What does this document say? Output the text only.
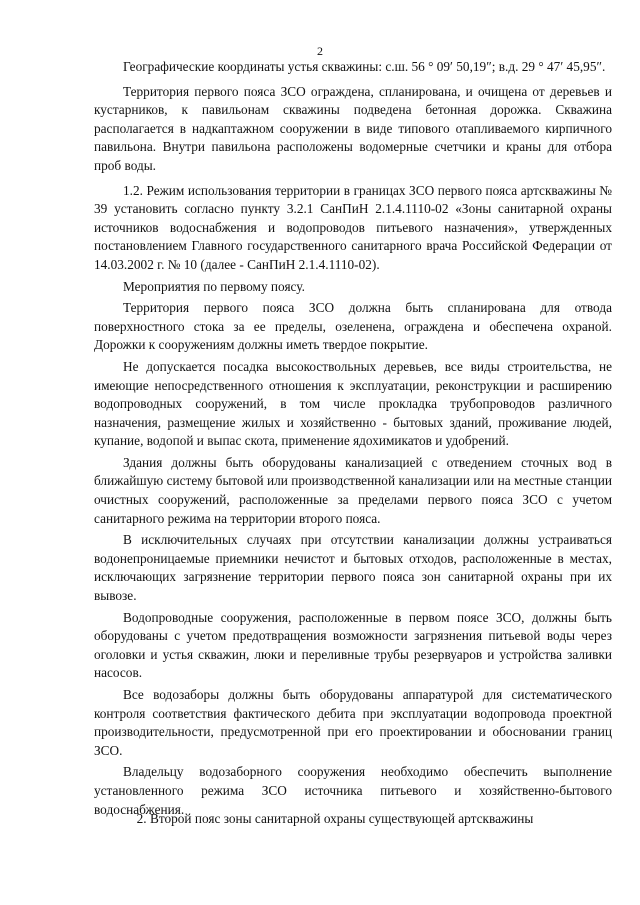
2

Географические координаты устья скважины: с.ш. 56 ° 09′ 50,19″; в.д. 29 ° 47′ 45,95″.

Территория первого пояса ЗСО ограждена, спланирована, и очищена от деревьев и кустарников, к павильонам скважины подведена бетонная дорожка. Скважина располагается в надкаптажном сооружении в виде типового отапливаемого кирпичного павильона. Внутри павильона расположены водомерные счетчики и краны для отбора проб воды.

1.2. Режим использования территории в границах ЗСО первого пояса артскважины № 39 установить согласно пункту 3.2.1 СанПиН 2.1.4.1110-02 «Зоны санитарной охраны источников водоснабжения и водопроводов питьевого назначения», утвержденных постановлением Главного государственного санитарного врача Российской Федерации от 14.03.2002 г. № 10 (далее - СанПиН 2.1.4.1110-02).

Мероприятия по первому поясу.

Территория первого пояса ЗСО должна быть спланирована для отвода поверхностного стока за ее пределы, озеленена, ограждена и обеспечена охраной. Дорожки к сооружениям должны иметь твердое покрытие.

Не допускается посадка высокоствольных деревьев, все виды строительства, не имеющие непосредственного отношения к эксплуатации, реконструкции и расширению водопроводных сооружений, в том числе прокладка трубопроводов различного назначения, размещение жилых и хозяйственно - бытовых зданий, проживание людей, купание, водопой и выпас скота, применение ядохимикатов и удобрений.

Здания должны быть оборудованы канализацией с отведением сточных вод в ближайшую систему бытовой или производственной канализации или на местные станции очистных сооружений, расположенные за пределами первого пояса ЗСО с учетом санитарного режима на территории второго пояса.

В исключительных случаях при отсутствии канализации должны устраиваться водонепроницаемые приемники нечистот и бытовых отходов, расположенные в местах, исключающих загрязнение территории первого пояса зон санитарной охраны при их вывозе.

Водопроводные сооружения, расположенные в первом поясе ЗСО, должны быть оборудованы с учетом предотвращения возможности загрязнения питьевой воды через оголовки и устья скважин, люки и переливные трубы резервуаров и устройства заливки насосов.

Все водозаборы должны быть оборудованы аппаратурой для систематического контроля соответствия фактического дебита при эксплуатации водопровода проектной производительности, предусмотренной при его проектировании и обосновании границ ЗСО.

Владельцу водозаборного сооружения необходимо обеспечить выполнение установленного режима ЗСО источника питьевого и хозяйственно-бытового водоснабжения.

2. Второй пояс зоны санитарной охраны существующей артскважины
